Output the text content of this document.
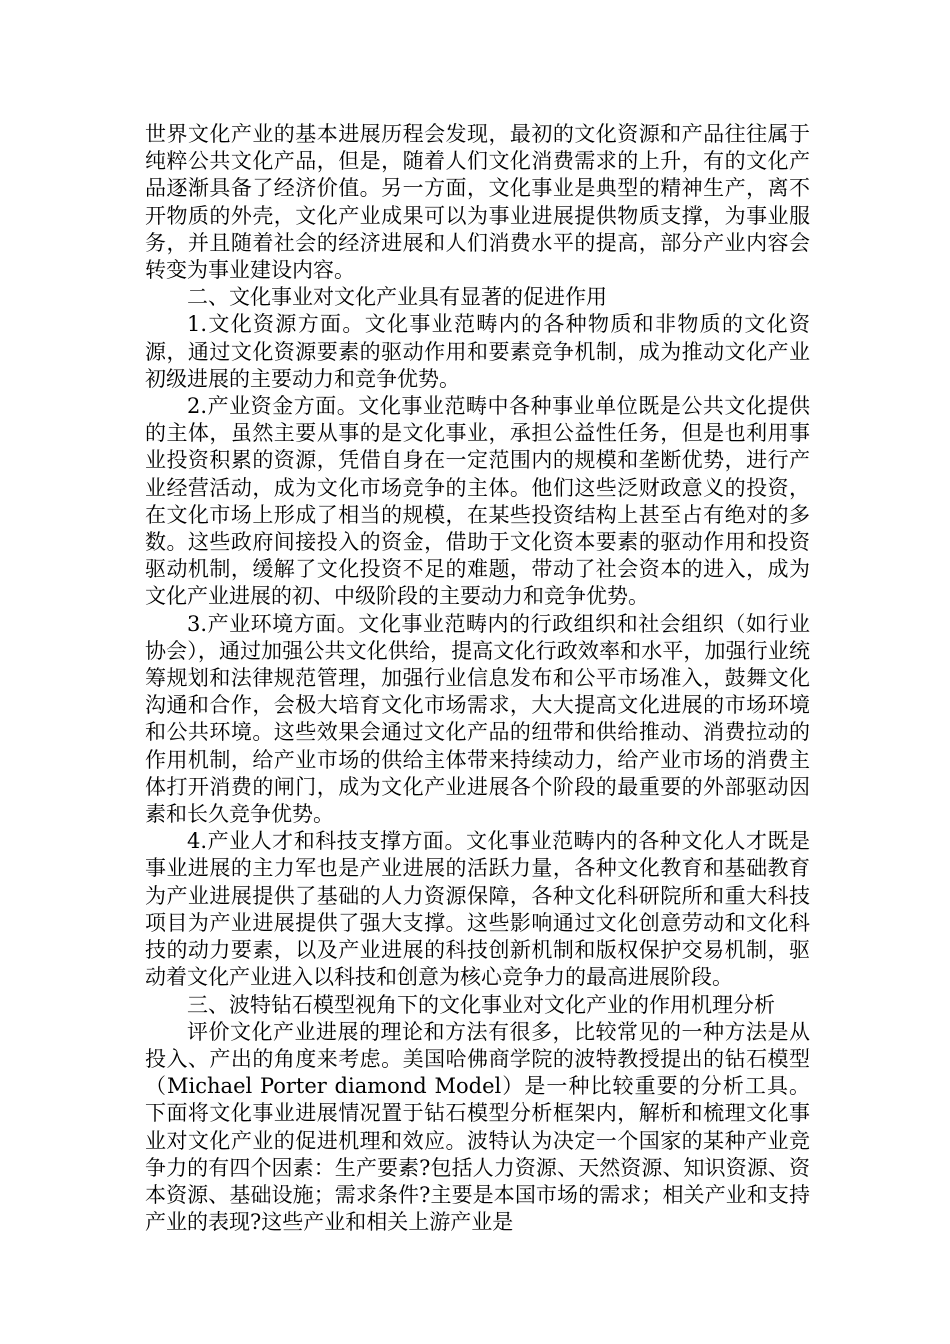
世界文化产业的基本进展历程会发现，最初的文化资源和产品往往属于纯粹公共文化产品，但是，随着人们文化消费需求的上升，有的文化产品逐渐具备了经济价值。另一方面，文化事业是典型的精神生产，离不开物质的外壳，文化产业成果可以为事业进展提供物质支撑，为事业服务，并且随着社会的经济进展和人们消费水平的提高，部分产业内容会转变为事业建设内容。

二、文化事业对文化产业具有显著的促进作用

1.文化资源方面。文化事业范畴内的各种物质和非物质的文化资源，通过文化资源要素的驱动作用和要素竞争机制，成为推动文化产业初级进展的主要动力和竞争优势。

2.产业资金方面。文化事业范畴中各种事业单位既是公共文化提供的主体，虽然主要从事的是文化事业，承担公益性任务，但是也利用事业投资积累的资源，凭借自身在一定范围内的规模和垄断优势，进行产业经营活动，成为文化市场竞争的主体。他们这些泛财政意义的投资，在文化市场上形成了相当的规模，在某些投资结构上甚至占有绝对的多数。这些政府间接投入的资金，借助于文化资本要素的驱动作用和投资驱动机制，缓解了文化投资不足的难题，带动了社会资本的进入，成为文化产业进展的初、中级阶段的主要动力和竞争优势。

3.产业环境方面。文化事业范畴内的行政组织和社会组织（如行业协会），通过加强公共文化供给，提高文化行政效率和水平，加强行业统筹规划和法律规范管理，加强行业信息发布和公平市场准入，鼓舞文化沟通和合作，会极大培育文化市场需求，大大提高文化进展的市场环境和公共环境。这些效果会通过文化产品的纽带和供给推动、消费拉动的作用机制，给产业市场的供给主体带来持续动力，给产业市场的消费主体打开消费的闸门，成为文化产业进展各个阶段的最重要的外部驱动因素和长久竞争优势。

4.产业人才和科技支撑方面。文化事业范畴内的各种文化人才既是事业进展的主力军也是产业进展的活跃力量，各种文化教育和基础教育为产业进展提供了基础的人力资源保障，各种文化科研院所和重大科技项目为产业进展提供了强大支撑。这些影响通过文化创意劳动和文化科技的动力要素，以及产业进展的科技创新机制和版权保护交易机制，驱动着文化产业进入以科技和创意为核心竞争力的最高进展阶段。

三、波特钻石模型视角下的文化事业对文化产业的作用机理分析

评价文化产业进展的理论和方法有很多，比较常见的一种方法是从投入、产出的角度来考虑。美国哈佛商学院的波特教授提出的钻石模型（Michael Porter diamond Model）是一种比较重要的分析工具。下面将文化事业进展情况置于钻石模型分析框架内，解析和梳理文化事业对文化产业的促进机理和效应。波特认为决定一个国家的某种产业竞争力的有四个因素：生产要素?包括人力资源、天然资源、知识资源、资本资源、基础设施；需求条件?主要是本国市场的需求；相关产业和支持产业的表现?这些产业和相关上游产业是
